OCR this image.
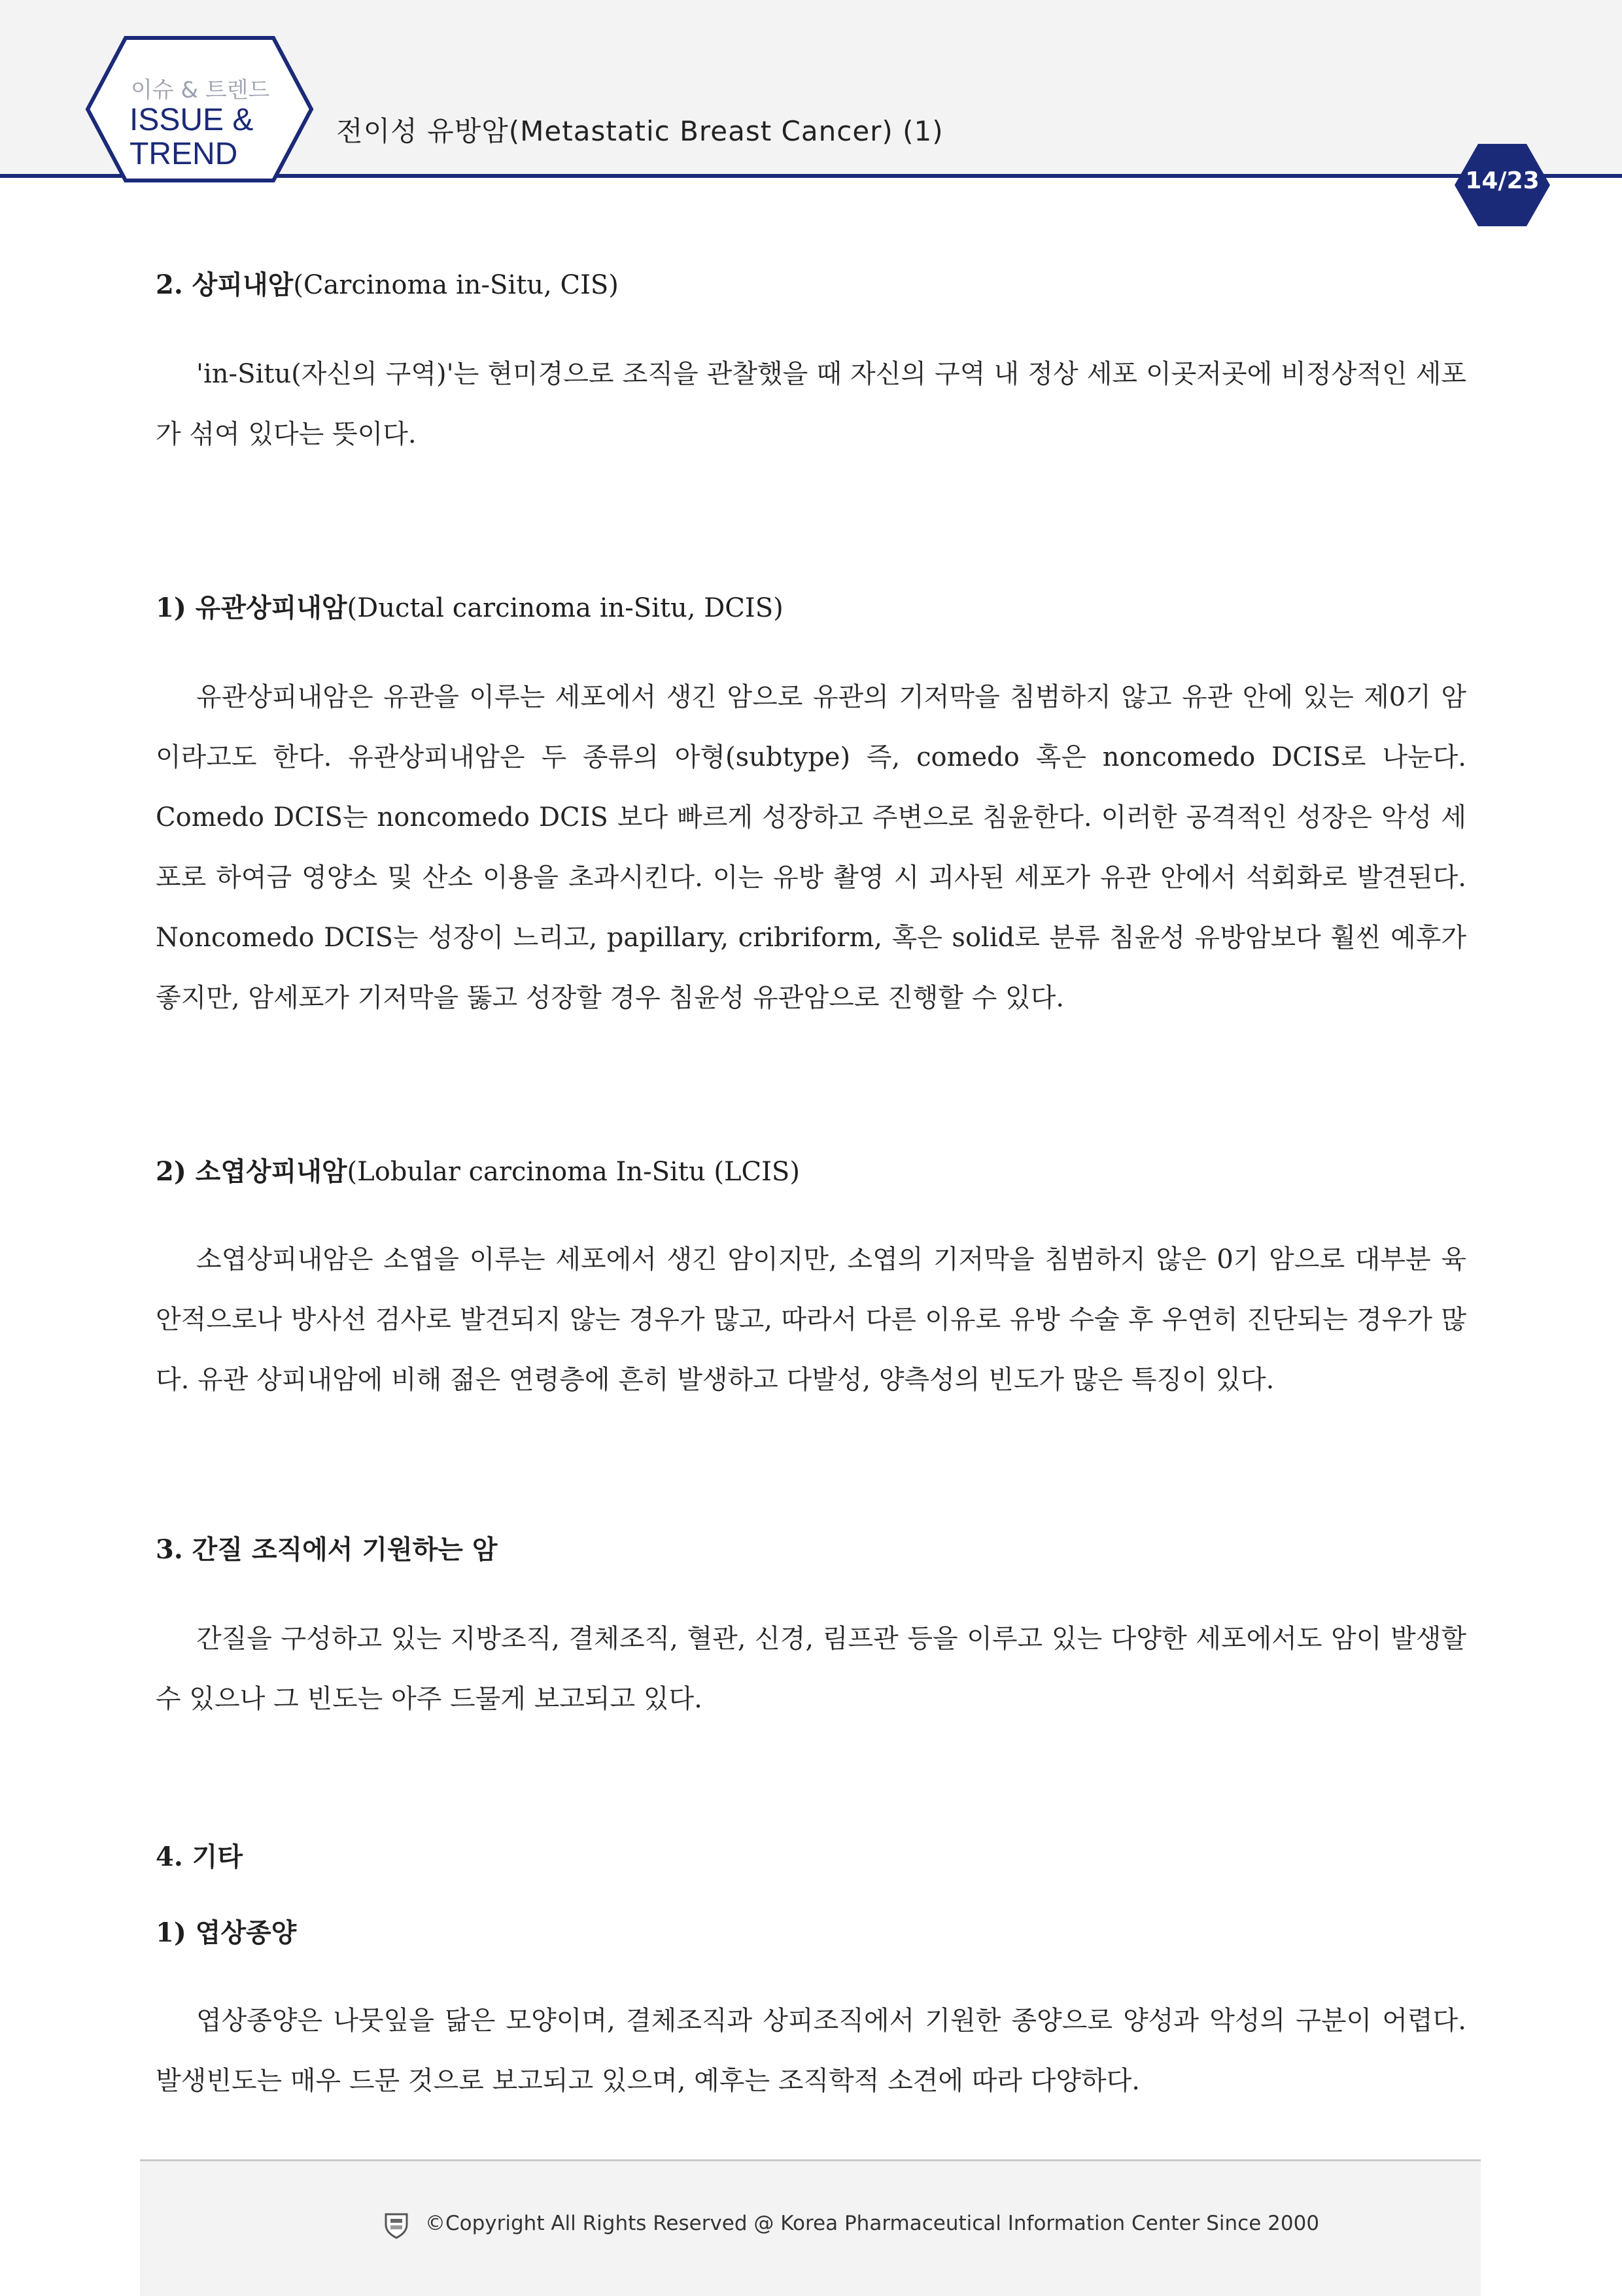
이슈 & 트렌드
ISSUE &
TREND
전이성 유방암(Metastatic Breast Cancer) (1)
14/23
2. 상피내암(Carcinoma in-Situ, CIS)
'in-Situ(자신의 구역)'는 현미경으로 조직을 관찰했을 때 자신의 구역 내 정상 세포 이곳저곳에 비정상적인 세포가 섞여 있다는 뜻이다.
1) 유관상피내암(Ductal carcinoma in-Situ, DCIS)
유관상피내암은 유관을 이루는 세포에서 생긴 암으로 유관의 기저막을 침범하지 않고 유관 안에 있는 제0기 암이라고도 한다. 유관상피내암은 두 종류의 아형(subtype) 즉, comedo 혹은 noncomedo DCIS로 나눈다. Comedo DCIS는 noncomedo DCIS 보다 빠르게 성장하고 주변으로 침윤한다. 이러한 공격적인 성장은 악성 세포로 하여금 영양소 및 산소 이용을 초과시킨다. 이는 유방 촬영 시 괴사된 세포가 유관 안에서 석회화로 발견된다. Noncomedo DCIS는 성장이 느리고, papillary, cribriform, 혹은 solid로 분류 침윤성 유방암보다 훨씬 예후가 좋지만, 암세포가 기저막을 뚫고 성장할 경우 침윤성 유관암으로 진행할 수 있다.
2) 소엽상피내암(Lobular carcinoma In-Situ (LCIS)
소엽상피내암은 소엽을 이루는 세포에서 생긴 암이지만, 소엽의 기저막을 침범하지 않은 0기 암으로 대부분 육안적으로나 방사선 검사로 발견되지 않는 경우가 많고, 따라서 다른 이유로 유방 수술 후 우연히 진단되는 경우가 많다. 유관 상피내암에 비해 젊은 연령층에 흔히 발생하고 다발성, 양측성의 빈도가 많은 특징이 있다.
3. 간질 조직에서 기원하는 암
간질을 구성하고 있는 지방조직, 결체조직, 혈관, 신경, 림프관 등을 이루고 있는 다양한 세포에서도 암이 발생할 수 있으나 그 빈도는 아주 드물게 보고되고 있다.
4. 기타
1) 엽상종양
엽상종양은 나뭇잎을 닮은 모양이며, 결체조직과 상피조직에서 기원한 종양으로 양성과 악성의 구분이 어렵다. 발생빈도는 매우 드문 것으로 보고되고 있으며, 예후는 조직학적 소견에 따라 다양하다.
©Copyright All Rights Reserved @ Korea Pharmaceutical Information Center Since 2000
